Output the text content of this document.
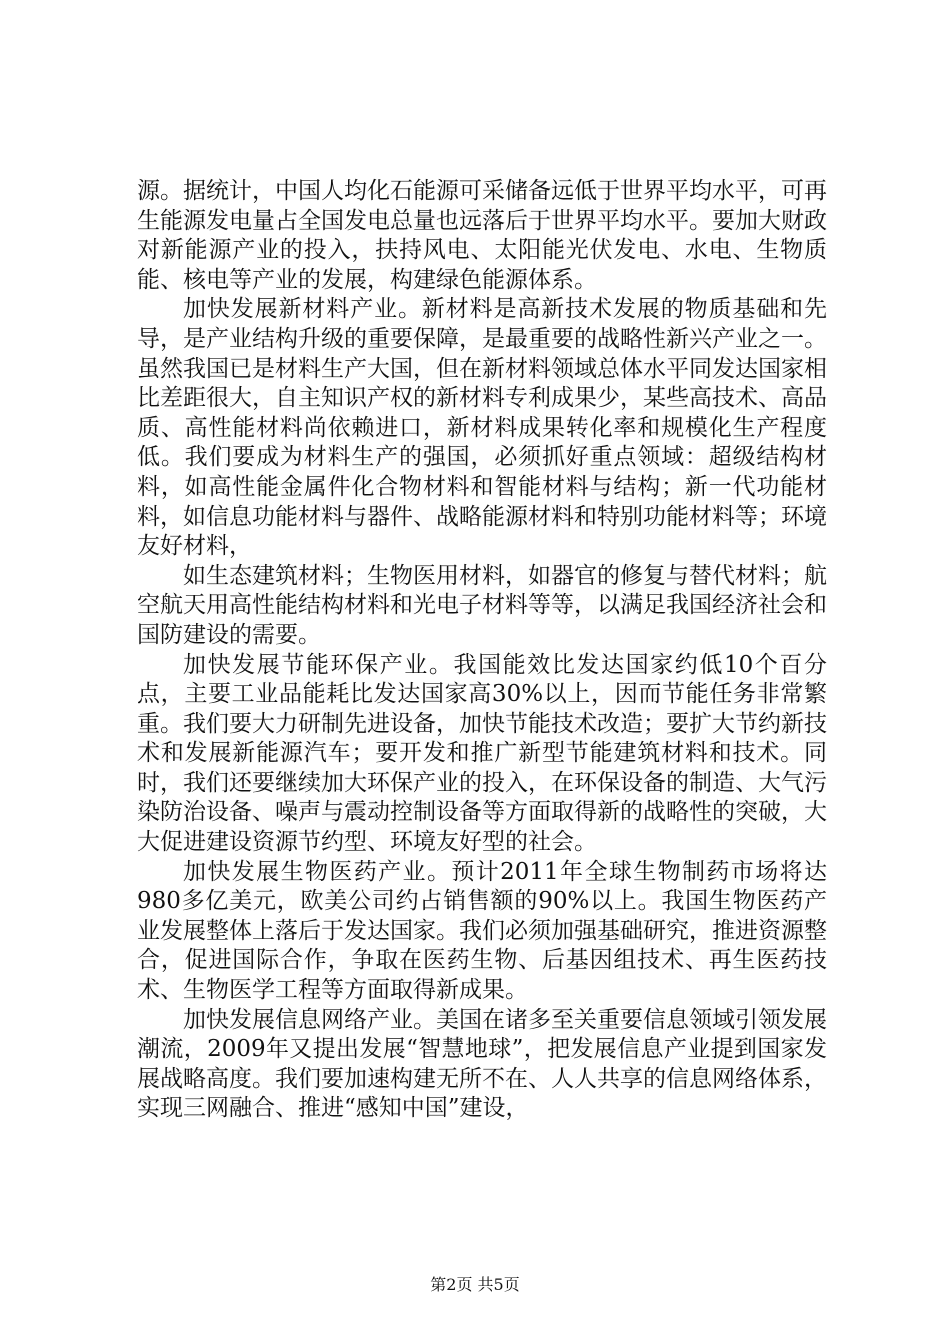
源。据统计，中国人均化石能源可采储备远低于世界平均水平，可再生能源发电量占全国发电总量也远落后于世界平均水平。要加大财政对新能源产业的投入，扶持风电、太阳能光伏发电、水电、生物质能、核电等产业的发展，构建绿色能源体系。

加快发展新材料产业。新材料是高新技术发展的物质基础和先导，是产业结构升级的重要保障，是最重要的战略性新兴产业之一。虽然我国已是材料生产大国，但在新材料领域总体水平同发达国家相比差距很大，自主知识产权的新材料专利成果少，某些高技术、高品质、高性能材料尚依赖进口，新材料成果转化率和规模化生产程度低。我们要成为材料生产的强国，必须抓好重点领域：超级结构材料，如高性能金属件化合物材料和智能材料与结构；新一代功能材料，如信息功能材料与器件、战略能源材料和特别功能材料等；环境友好材料，

如生态建筑材料；生物医用材料，如器官的修复与替代材料；航空航天用高性能结构材料和光电子材料等等，以满足我国经济社会和国防建设的需要。

加快发展节能环保产业。我国能效比发达国家约低10个百分点，主要工业品能耗比发达国家高30%以上，因而节能任务非常繁重。我们要大力研制先进设备，加快节能技术改造；要扩大节约新技术和发展新能源汽车；要开发和推广新型节能建筑材料和技术。同时，我们还要继续加大环保产业的投入，在环保设备的制造、大气污染防治设备、噪声与震动控制设备等方面取得新的战略性的突破，大大促进建设资源节约型、环境友好型的社会。

加快发展生物医药产业。预计2011年全球生物制药市场将达980多亿美元，欧美公司约占销售额的90%以上。我国生物医药产业发展整体上落后于发达国家。我们必须加强基础研究，推进资源整合，促进国际合作，争取在医药生物、后基因组技术、再生医药技术、生物医学工程等方面取得新成果。

加快发展信息网络产业。美国在诸多至关重要信息领域引领发展潮流，2009年又提出发展“智慧地球”，把发展信息产业提到国家发展战略高度。我们要加速构建无所不在、人人共享的信息网络体系，实现三网融合、推进“感知中国”建设，

第2页 共5页
